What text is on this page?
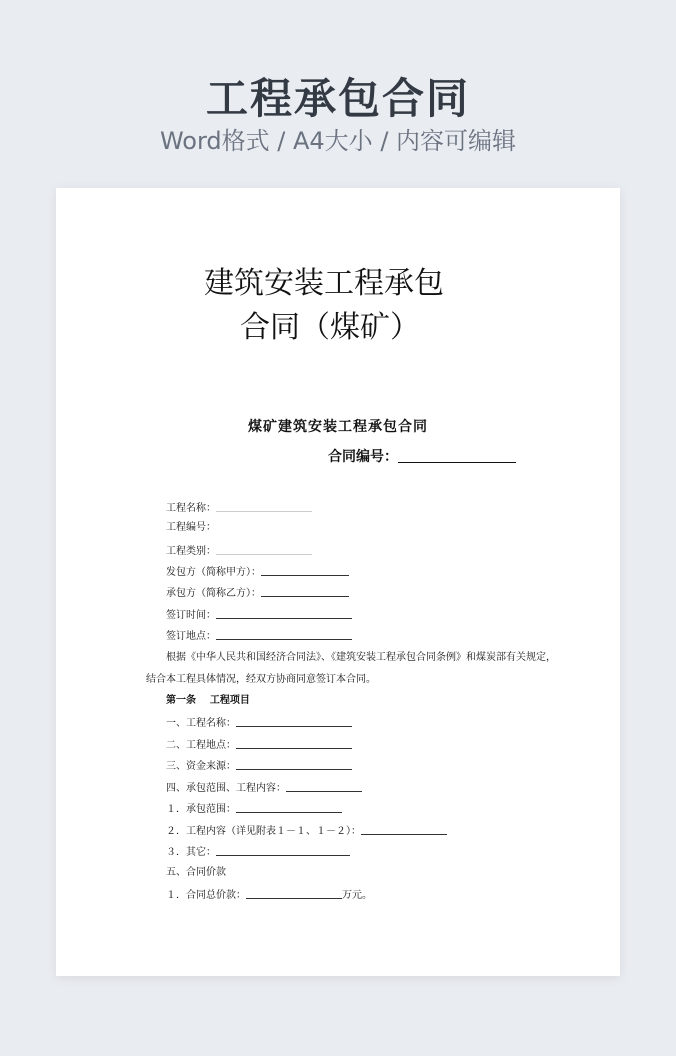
工程承包合同
Word格式 / A4大小 / 内容可编辑
建筑安装工程承包
合同（煤矿）
煤矿建筑安装工程承包合同
合同编号：
工程名称：
工程编号：
工程类别：
发包方（简称甲方）：
承包方（简称乙方）：
签订时间：
签订地点：
根据《中华人民共和国经济合同法》、《建筑安装工程承包合同条例》和煤炭部有关规定，
结合本工程具体情况，经双方协商同意签订本合同。
第一条    工程项目
一、工程名称：
二、工程地点：
三、资金来源：
四、承包范围、工程内容：
１．承包范围：
２．工程内容（详见附表１－１、１－２）：
３．其它：
五、合同价款
１．合同总价款：	万元。
